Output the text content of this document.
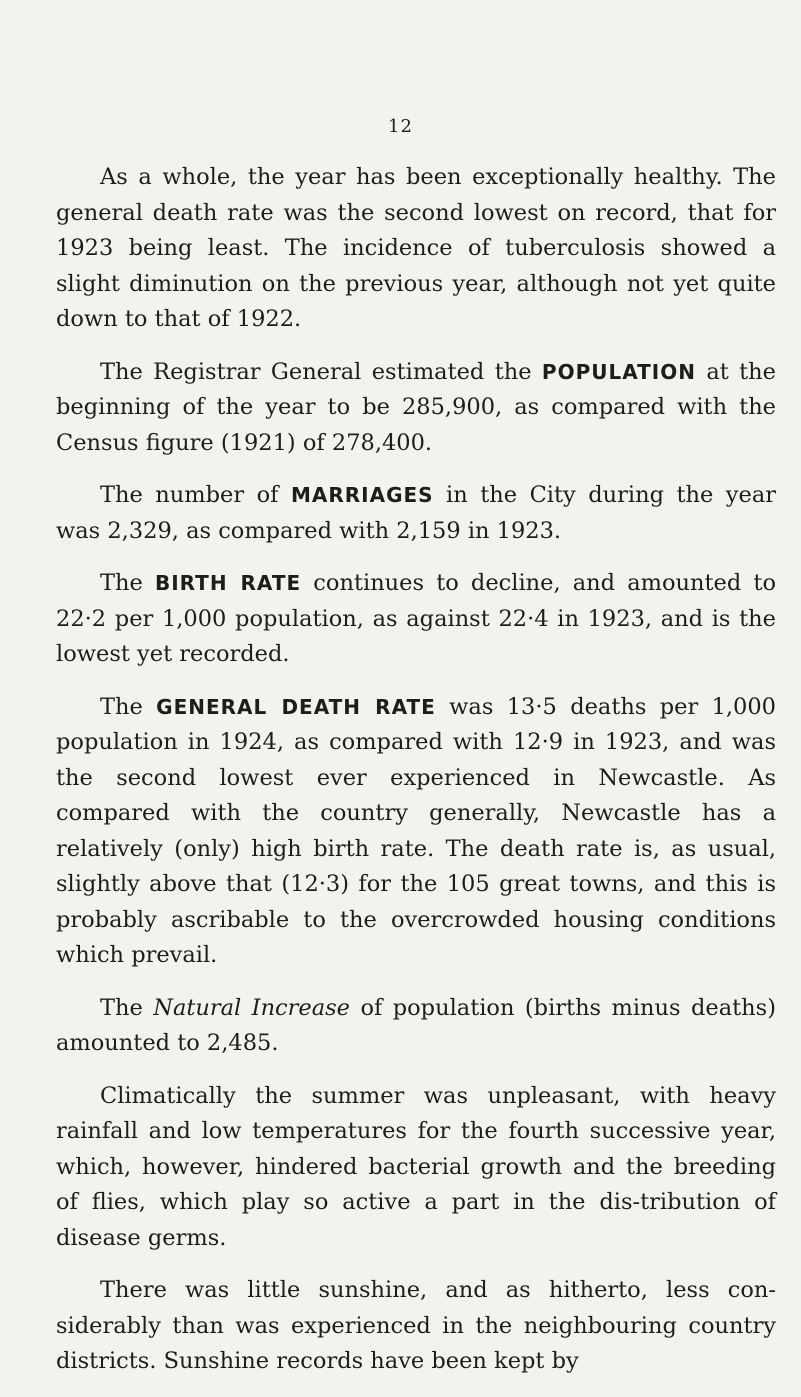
12

As a whole, the year has been exceptionally healthy. The general death rate was the second lowest on record, that for 1923 being least. The incidence of tuberculosis showed a slight diminution on the previous year, although not yet quite down to that of 1922.

The Registrar General estimated the POPULATION at the beginning of the year to be 285,900, as compared with the Census figure (1921) of 278,400.

The number of MARRIAGES in the City during the year was 2,329, as compared with 2,159 in 1923.

The BIRTH RATE continues to decline, and amounted to 22·2 per 1,000 population, as against 22·4 in 1923, and is the lowest yet recorded.

The GENERAL DEATH RATE was 13·5 deaths per 1,000 population in 1924, as compared with 12·9 in 1923, and was the second lowest ever experienced in Newcastle. As compared with the country generally, Newcastle has a relatively (only) high birth rate. The death rate is, as usual, slightly above that (12·3) for the 105 great towns, and this is probably ascribable to the overcrowded housing conditions which prevail.

The Natural Increase of population (births minus deaths) amounted to 2,485.

Climatically the summer was unpleasant, with heavy rainfall and low temperatures for the fourth successive year, which, however, hindered bacterial growth and the breeding of flies, which play so active a part in the dis-tribution of disease germs.

There was little sunshine, and as hitherto, less con-siderably than was experienced in the neighbouring country districts. Sunshine records have been kept by
